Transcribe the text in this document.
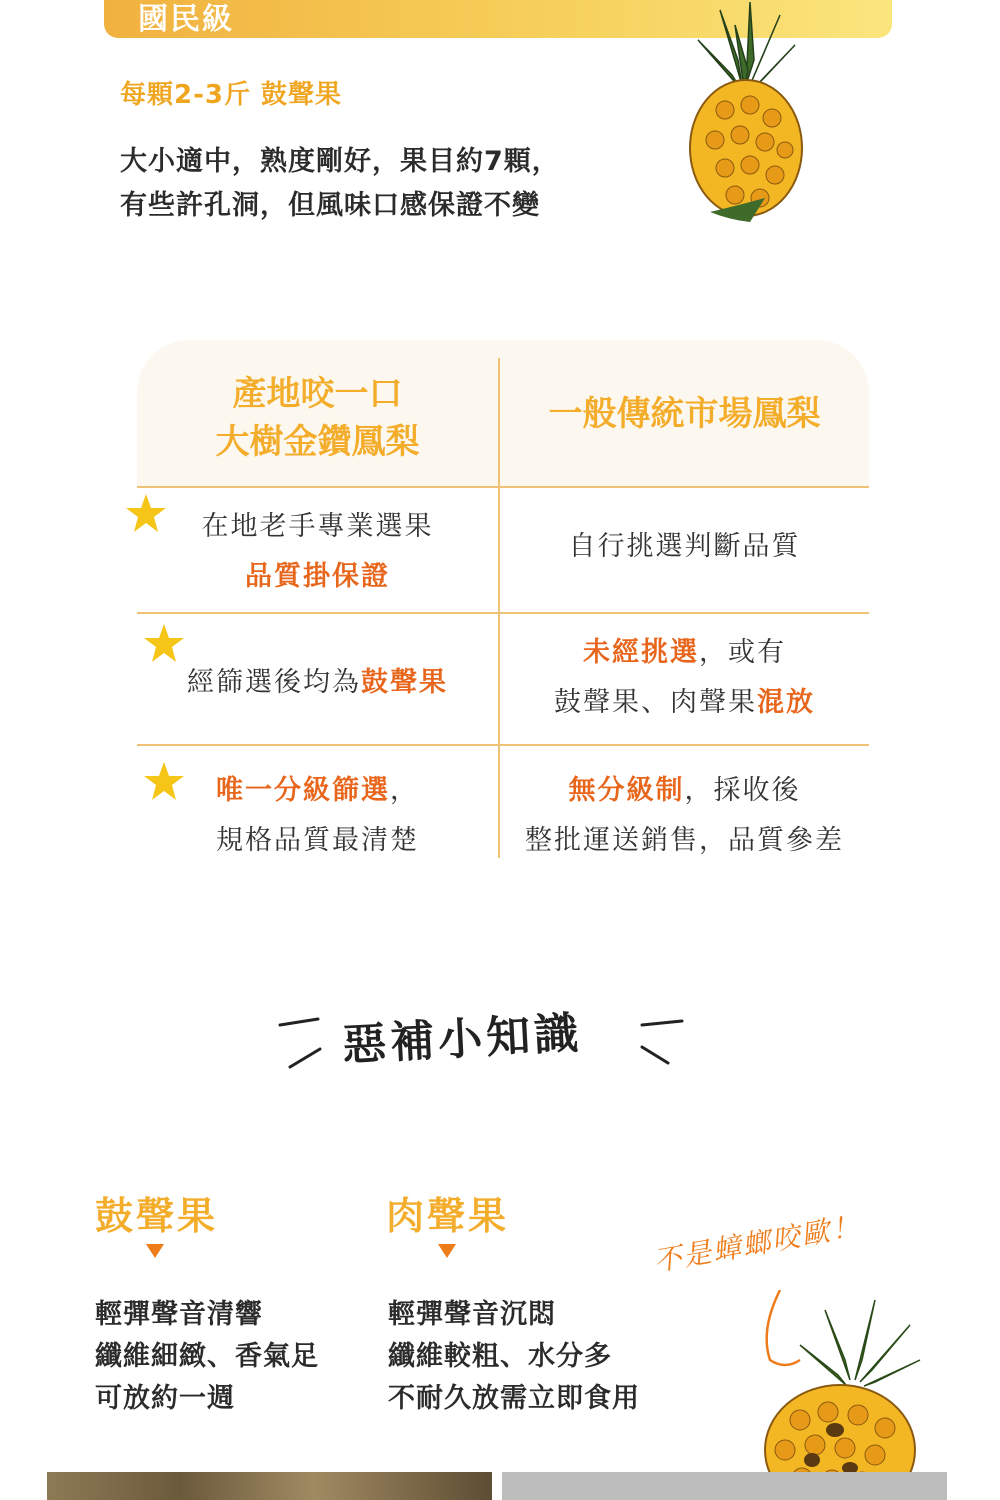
國民級
每顆2-3斤 鼓聲果
大小適中，熟度剛好，果目約7顆，
有些許孔洞，但風味口感保證不變
產地咬一口
大樹金鑽鳳梨
一般傳統市場鳳梨
在地老手專業選果
品質掛保證
自行挑選判斷品質
經篩選後均為鼓聲果
未經挑選，或有
鼓聲果、肉聲果混放
唯一分級篩選，
規格品質最清楚
無分級制，採收後
整批運送銷售，品質參差
惡補小知識
鼓聲果
輕彈聲音清響
纖維細緻、香氣足
可放約一週
肉聲果
輕彈聲音沉悶
纖維較粗、水分多
不耐久放需立即食用
不是蟑螂咬歐！
